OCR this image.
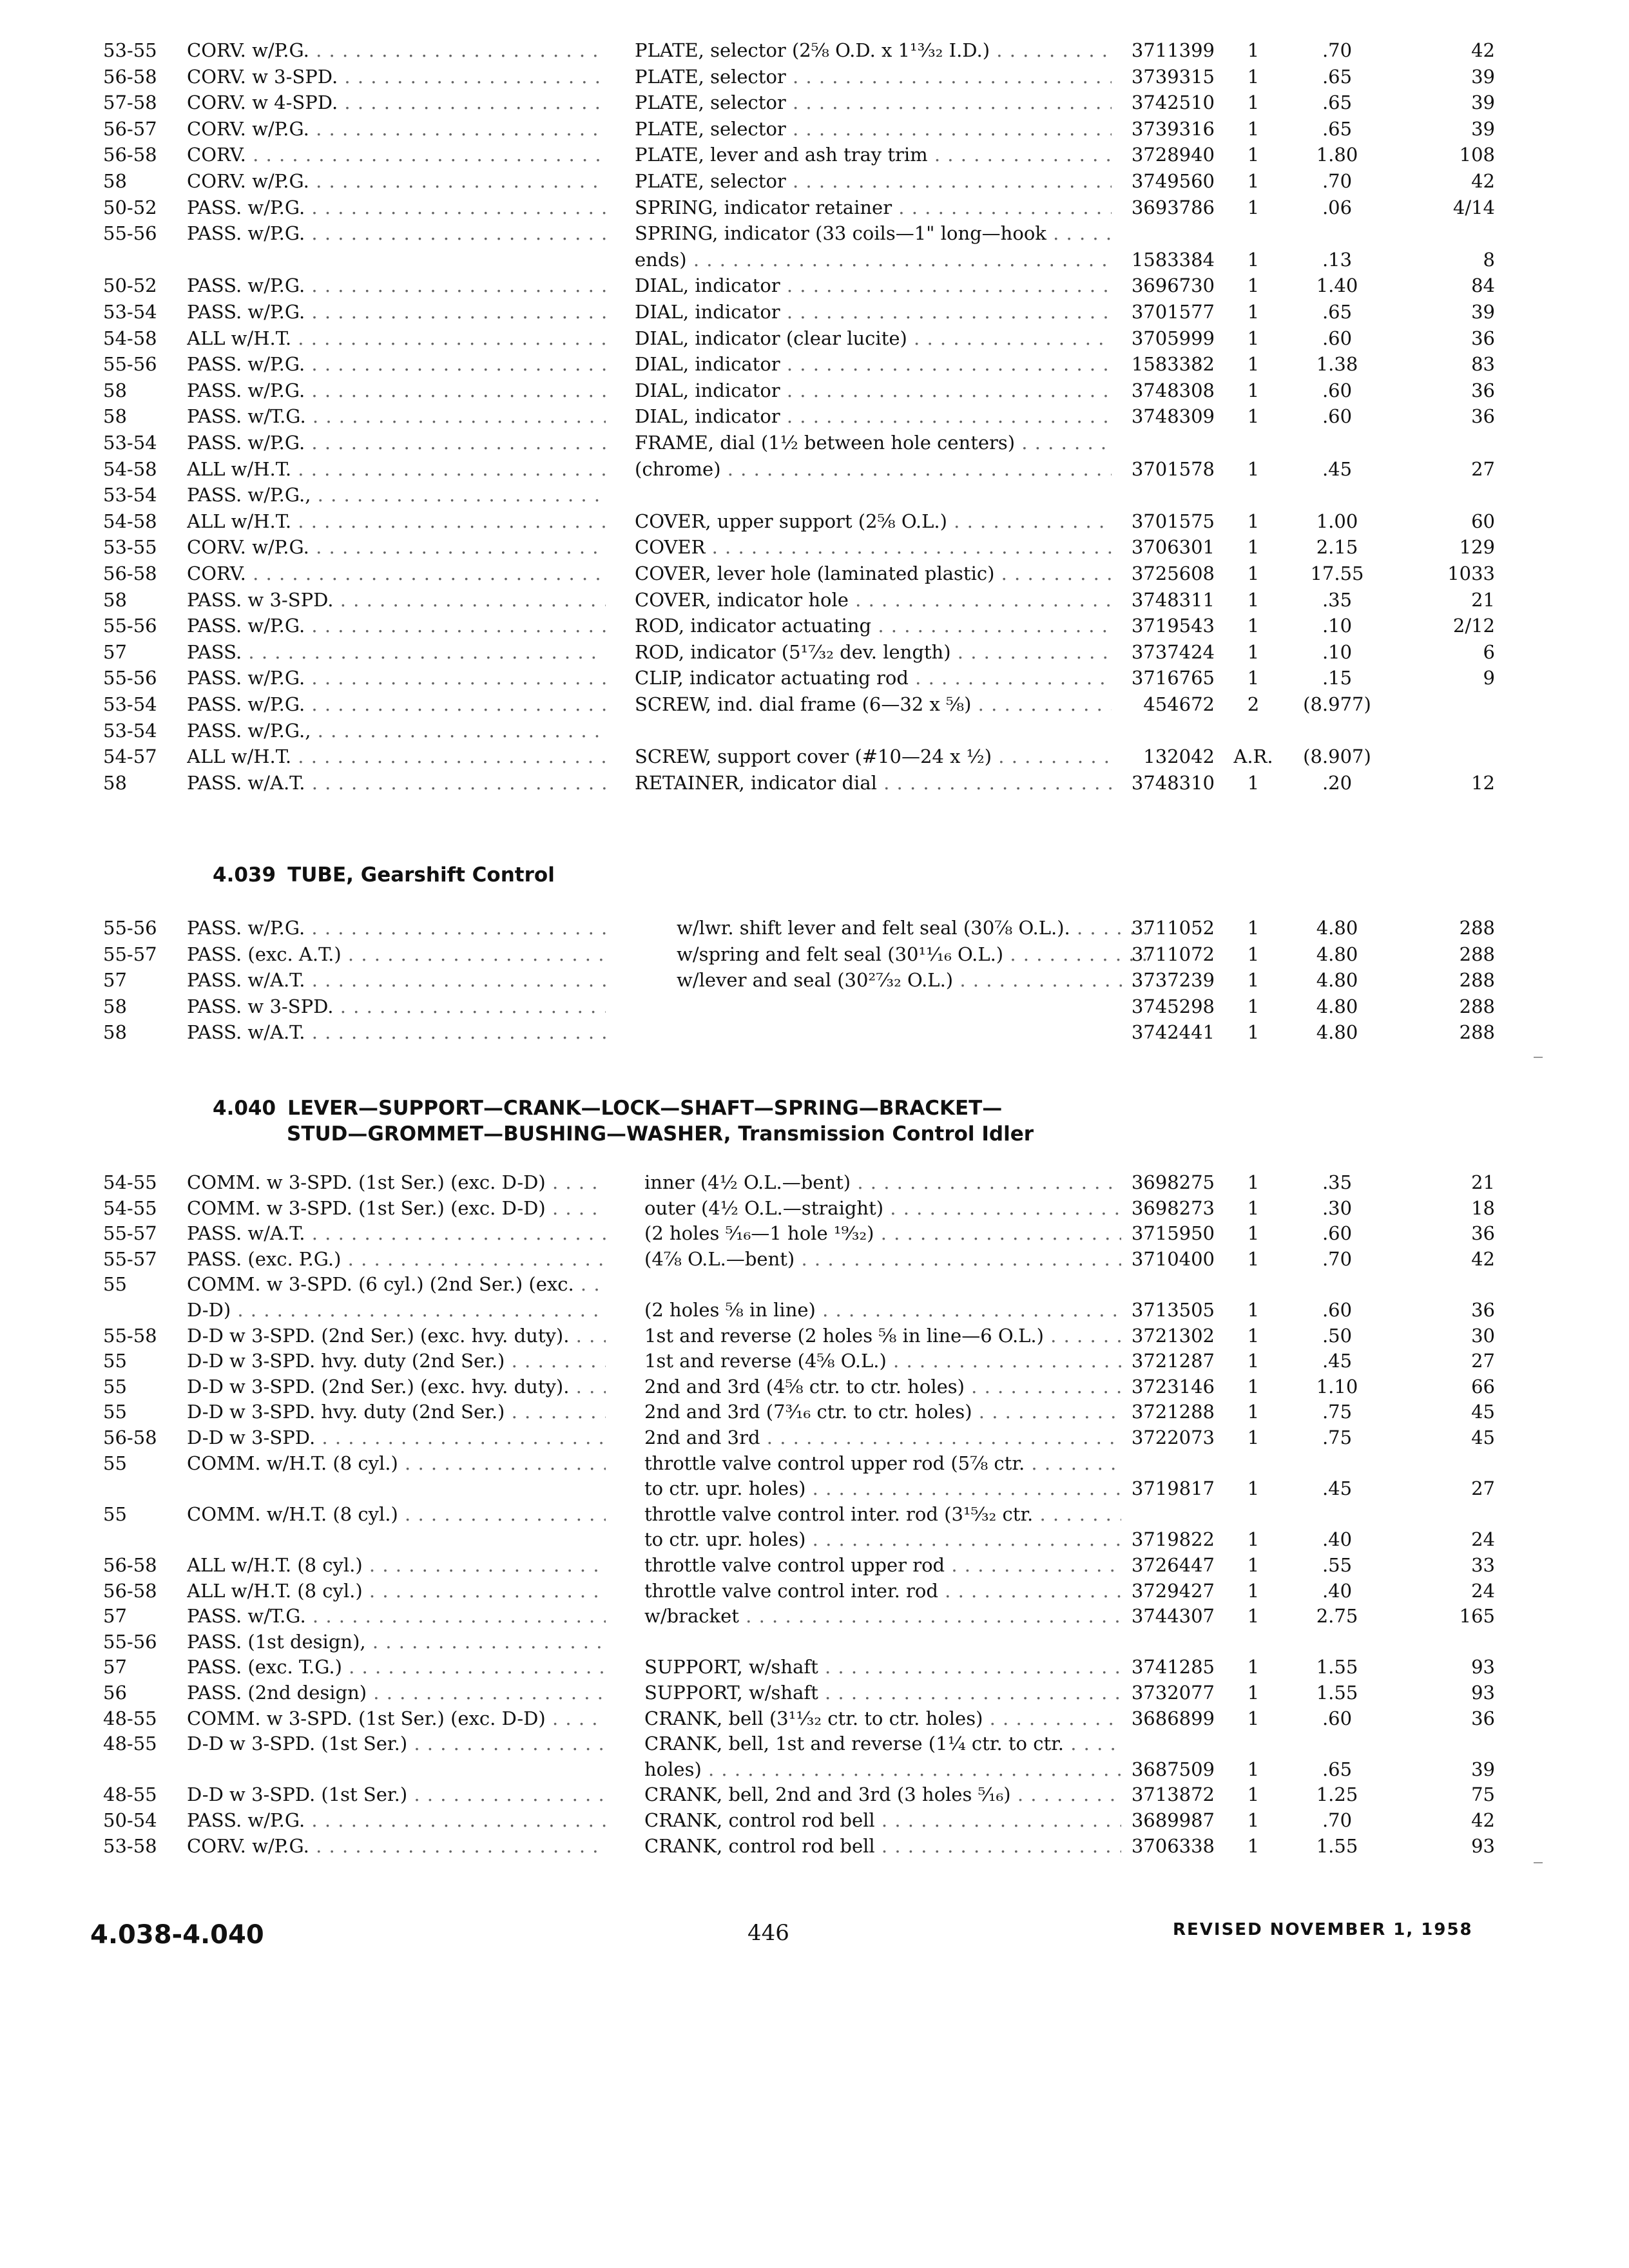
53-55	CORV. w/P.G. . . .	PLATE, selector (2⅝ O.D. x 1¹³⁄₃₂ I.D.) . . .	3711399	1	.70	42
56-58	CORV. w 3-SPD. . . .	PLATE, selector . . .	3739315	1	.65	39
57-58	CORV. w 4-SPD. . . .	PLATE, selector . . .	3742510	1	.65	39
56-57	CORV. w/P.G. . . .	PLATE, selector . . .	3739316	1	.65	39
56-58	CORV. . . .	PLATE, lever and ash tray trim . . .	3728940	1	1.80	108
58	CORV. w/P.G. . . .	PLATE, selector . . .	3749560	1	.70	42
50-52	PASS. w/P.G. . . .	SPRING, indicator retainer . . .	3693786	1	.06	4/14
55-56	PASS. w/P.G. . . .	SPRING, indicator (33 coils—1" long—hook . . .
ends) . . .	1583384	1	.13	8
50-52	PASS. w/P.G. . . .	DIAL, indicator . . .	3696730	1	1.40	84
53-54	PASS. w/P.G. . . .	DIAL, indicator . . .	3701577	1	.65	39
54-58	ALL w/H.T. . . .	DIAL, indicator (clear lucite) . . .	3705999	1	.60	36
55-56	PASS. w/P.G. . . .	DIAL, indicator . . .	1583382	1	1.38	83
58	PASS. w/P.G. . . .	DIAL, indicator . . .	3748308	1	.60	36
58	PASS. w/T.G. . . .	DIAL, indicator . . .	3748309	1	.60	36
53-54	PASS. w/P.G. . . .	FRAME, dial (1½ between hole centers) . . .
54-58	ALL w/H.T. . . .	(chrome) . . .	3701578	1	.45	27
53-54	PASS. w/P.G., . . .
54-58	ALL w/H.T. . . .	COVER, upper support (2⅝ O.L.) . . .	3701575	1	1.00	60
53-55	CORV. w/P.G. . . .	COVER . . .	3706301	1	2.15	129
56-58	CORV. . . .	COVER, lever hole (laminated plastic) . . .	3725608	1	17.55	1033
58	PASS. w 3-SPD. . . .	COVER, indicator hole . . .	3748311	1	.35	21
55-56	PASS. w/P.G. . . .	ROD, indicator actuating . . .	3719543	1	.10	2/12
57	PASS. . . .	ROD, indicator (5¹⁷⁄₃₂ dev. length) . . .	3737424	1	.10	6
55-56	PASS. w/P.G. . . .	CLIP, indicator actuating rod . . .	3716765	1	.15	9
53-54	PASS. w/P.G. . . .	SCREW, ind. dial frame (6—32 x ⅝) . . .	454672	2	(8.977)
53-54	PASS. w/P.G., . . .
54-57	ALL w/H.T. . . .	SCREW, support cover (#10—24 x ½) . . .	132042	A.R.	(8.907)
58	PASS. w/A.T. . . .	RETAINER, indicator dial . . .	3748310	1	.20	12
4.039 TUBE, Gearshift Control
55-56	PASS. w/P.G. . . .	w/lwr. shift lever and felt seal (30⅞ O.L.). . . .	3711052	1	4.80	288
55-57	PASS. (exc. A.T.) . . .	w/spring and felt seal (30¹¹⁄₁₆ O.L.) . . .	3711072	1	4.80	288
57	PASS. w/A.T. . . .	w/lever and seal (30²⁷⁄₃₂ O.L.) . . .	3737239	1	4.80	288
58	PASS. w 3-SPD. . . .	3745298	1	4.80	288
58	PASS. w/A.T. . . .	3742441	1	4.80	288
4.040 LEVER—SUPPORT—CRANK—LOCK—SHAFT—SPRING—BRACKET—
STUD—GROMMET—BUSHING—WASHER, Transmission Control Idler
54-55	COMM. w 3-SPD. (1st Ser.) (exc. D-D) . . .	inner (4½ O.L.—bent) . . .	3698275	1	.35	21
54-55	COMM. w 3-SPD. (1st Ser.) (exc. D-D) . . .	outer (4½ O.L.—straight) . . .	3698273	1	.30	18
55-57	PASS. w/A.T. . . .	(2 holes ⁵⁄₁₆—1 hole ¹⁹⁄₃₂) . . .	3715950	1	.60	36
55-57	PASS. (exc. P.G.) . . .	(4⅞ O.L.—bent) . . .	3710400	1	.70	42
55	COMM. w 3-SPD. (6 cyl.) (2nd Ser.) (exc. . . .
D-D) . . .	(2 holes ⅝ in line) . . .	3713505	1	.60	36
55-58	D-D w 3-SPD. (2nd Ser.) (exc. hvy. duty). . . .	1st and reverse (2 holes ⅝ in line—6 O.L.) . . .	3721302	1	.50	30
55	D-D w 3-SPD. hvy. duty (2nd Ser.) . . .	1st and reverse (4⅝ O.L.) . . .	3721287	1	.45	27
55	D-D w 3-SPD. (2nd Ser.) (exc. hvy. duty). . . .	2nd and 3rd (4⅝ ctr. to ctr. holes) . . .	3723146	1	1.10	66
55	D-D w 3-SPD. hvy. duty (2nd Ser.) . . .	2nd and 3rd (7³⁄₁₆ ctr. to ctr. holes) . . .	3721288	1	.75	45
56-58	D-D w 3-SPD. . . .	2nd and 3rd . . .	3722073	1	.75	45
55	COMM. w/H.T. (8 cyl.) . . .	throttle valve control upper rod (5⅞ ctr. . . .
to ctr. upr. holes) . . .	3719817	1	.45	27
55	COMM. w/H.T. (8 cyl.) . . .	throttle valve control inter. rod (3¹⁵⁄₃₂ ctr. . . .
to ctr. upr. holes) . . .	3719822	1	.40	24
56-58	ALL w/H.T. (8 cyl.) . . .	throttle valve control upper rod . . .	3726447	1	.55	33
56-58	ALL w/H.T. (8 cyl.) . . .	throttle valve control inter. rod . . .	3729427	1	.40	24
57	PASS. w/T.G. . . .	w/bracket . . .	3744307	1	2.75	165
55-56	PASS. (1st design), . . .
57	PASS. (exc. T.G.) . . .	SUPPORT, w/shaft . . .	3741285	1	1.55	93
56	PASS. (2nd design) . . .	SUPPORT, w/shaft . . .	3732077	1	1.55	93
48-55	COMM. w 3-SPD. (1st Ser.) (exc. D-D) . . .	CRANK, bell (3¹¹⁄₃₂ ctr. to ctr. holes) . . .	3686899	1	.60	36
48-55	D-D w 3-SPD. (1st Ser.) . . .	CRANK, bell, 1st and reverse (1¼ ctr. to ctr. . . .
holes) . . .	3687509	1	.65	39
48-55	D-D w 3-SPD. (1st Ser.) . . .	CRANK, bell, 2nd and 3rd (3 holes ⁵⁄₁₆) . . .	3713872	1	1.25	75
50-54	PASS. w/P.G. . . .	CRANK, control rod bell . . .	3689987	1	.70	42
53-58	CORV. w/P.G. . . .	CRANK, control rod bell . . .	3706338	1	1.55	93
4.038-4.040	446	REVISED NOVEMBER 1, 1958
